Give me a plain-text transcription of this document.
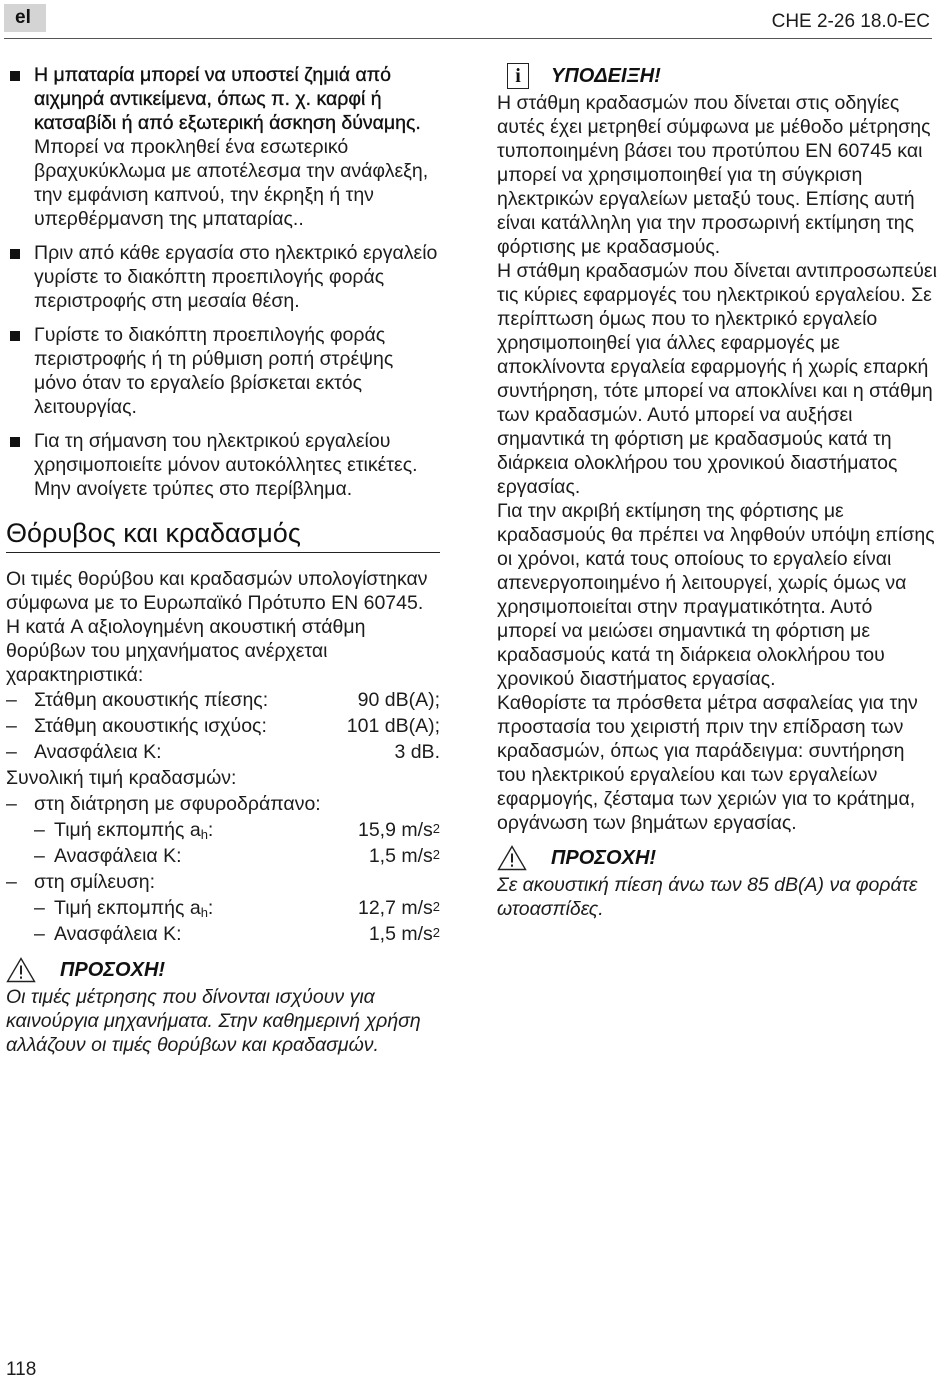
el	CHE 2-26 18.0-EC
Η μπαταρία μπορεί να υποστεί ζημιά από αιχμηρά αντικείμενα, όπως π. χ. καρφί ή κατσαβίδι ή από εξωτερική άσκηση δύναμης. Μπορεί να προκληθεί ένα εσωτερικό βραχυκύκλωμα με αποτέλεσμα την ανάφλεξη, την εμφάνιση καπνού, την έκρηξη ή την υπερθέρμανση της μπαταρίας..
Πριν από κάθε εργασία στο ηλεκτρικό εργαλείο γυρίστε το διακόπτη προεπιλογής φοράς περιστροφής στη μεσαία θέση.
Γυρίστε το διακόπτη προεπιλογής φοράς περιστροφής ή τη ρύθμιση ροπή στρέψης μόνο όταν το εργαλείο βρίσκεται εκτός λειτουργίας.
Για τη σήμανση του ηλεκτρικού εργαλείου χρησιμοποιείτε μόνον αυτοκόλλητες ετικέτες.
Μην ανοίγετε τρύπες στο περίβλημα.
Θόρυβος και κραδασμός

Οι τιμές θορύβου και κραδασμών υπολογίστηκαν σύμφωνα με το Ευρωπαϊκό Πρότυπο EN 60745.

Η κατά A αξιολογημένη ακουστική στάθμη θορύβων του μηχανήματος ανέρχεται χαρακτηριστικά:

– Στάθμη ακουστικής πίεσης:	90 dB(A);
– Στάθμη ακουστικής ισχύος:	101 dB(A);
– Ανασφάλεια K:	3 dB.

Συνολική τιμή κραδασμών:

– στη διάτρηση με σφυροδράπανο:
– Τιμή εκπομπής $a_h$:	15,9 $m/s^2$
– Ανασφάλεια K:	1,5 $m/s^2$
– στη σμίλευση:
– Τιμή εκπομπής $a_h$:	12,7 $m/s^2$
– Ανασφάλεια K:	1,5 $m/s^2$
ΠΡΟΣΟΧΗ!

Οι τιμές μέτρησης που δίνονται ισχύουν για καινούργια μηχανήματα. Στην καθημερινή χρήση αλλάζουν οι τιμές θορύβων και κραδασμών.

i	ΥΠΟΔΕΙΞΗ!

Η στάθμη κραδασμών που δίνεται στις οδηγίες αυτές έχει μετρηθεί σύμφωνα με μέθοδο μέτρησης τυποποιημένη βάσει του προτύπου EN 60745 και μπορεί να χρησιμοποιηθεί για τη σύγκριση ηλεκτρικών εργαλείων μεταξύ τους. Επίσης αυτή είναι κατάλληλη για την προσωρινή εκτίμηση της φόρτισης με κραδασμούς.

Η στάθμη κραδασμών που δίνεται αντιπροσωπεύει τις κύριες εφαρμογές του ηλεκτρικού εργαλείου. Σε περίπτωση όμως που το ηλεκτρικό εργαλείο χρησιμοποιηθεί για άλλες εφαρμογές με αποκλίνοντα εργαλεία εφαρμογής ή χωρίς επαρκή συντήρηση, τότε μπορεί να αποκλίνει και η στάθμη των κραδασμών. Αυτό μπορεί να αυξήσει σημαντικά τη φόρτιση με κραδασμούς κατά τη διάρκεια ολοκλήρου του χρονικού διαστήματος εργασίας.

Για την ακριβή εκτίμηση της φόρτισης με κραδασμούς θα πρέπει να ληφθούν υπόψη επίσης οι χρόνοι, κατά τους οποίους το εργαλείο είναι απενεργοποιημένο ή λειτουργεί, χωρίς όμως να χρησιμοποιείται στην πραγματικότητα. Αυτό μπορεί να μειώσει σημαντικά τη φόρτιση με κραδασμούς κατά τη διάρκεια ολοκλήρου του χρονικού διαστήματος εργασίας.

Καθορίστε τα πρόσθετα μέτρα ασφαλείας για την προστασία του χειριστή πριν την επίδραση των κραδασμών, όπως για παράδειγμα: συντήρηση του ηλεκτρικού εργαλείου και των εργαλείων εφαρμογής, ζέσταμα των χεριών για το κράτημα, οργάνωση των βημάτων εργασίας.

ΠΡΟΣΟΧΗ!

Σε ακουστική πίεση άνω των 85 dB(A) να φοράτε ωτοασπίδες.

118
